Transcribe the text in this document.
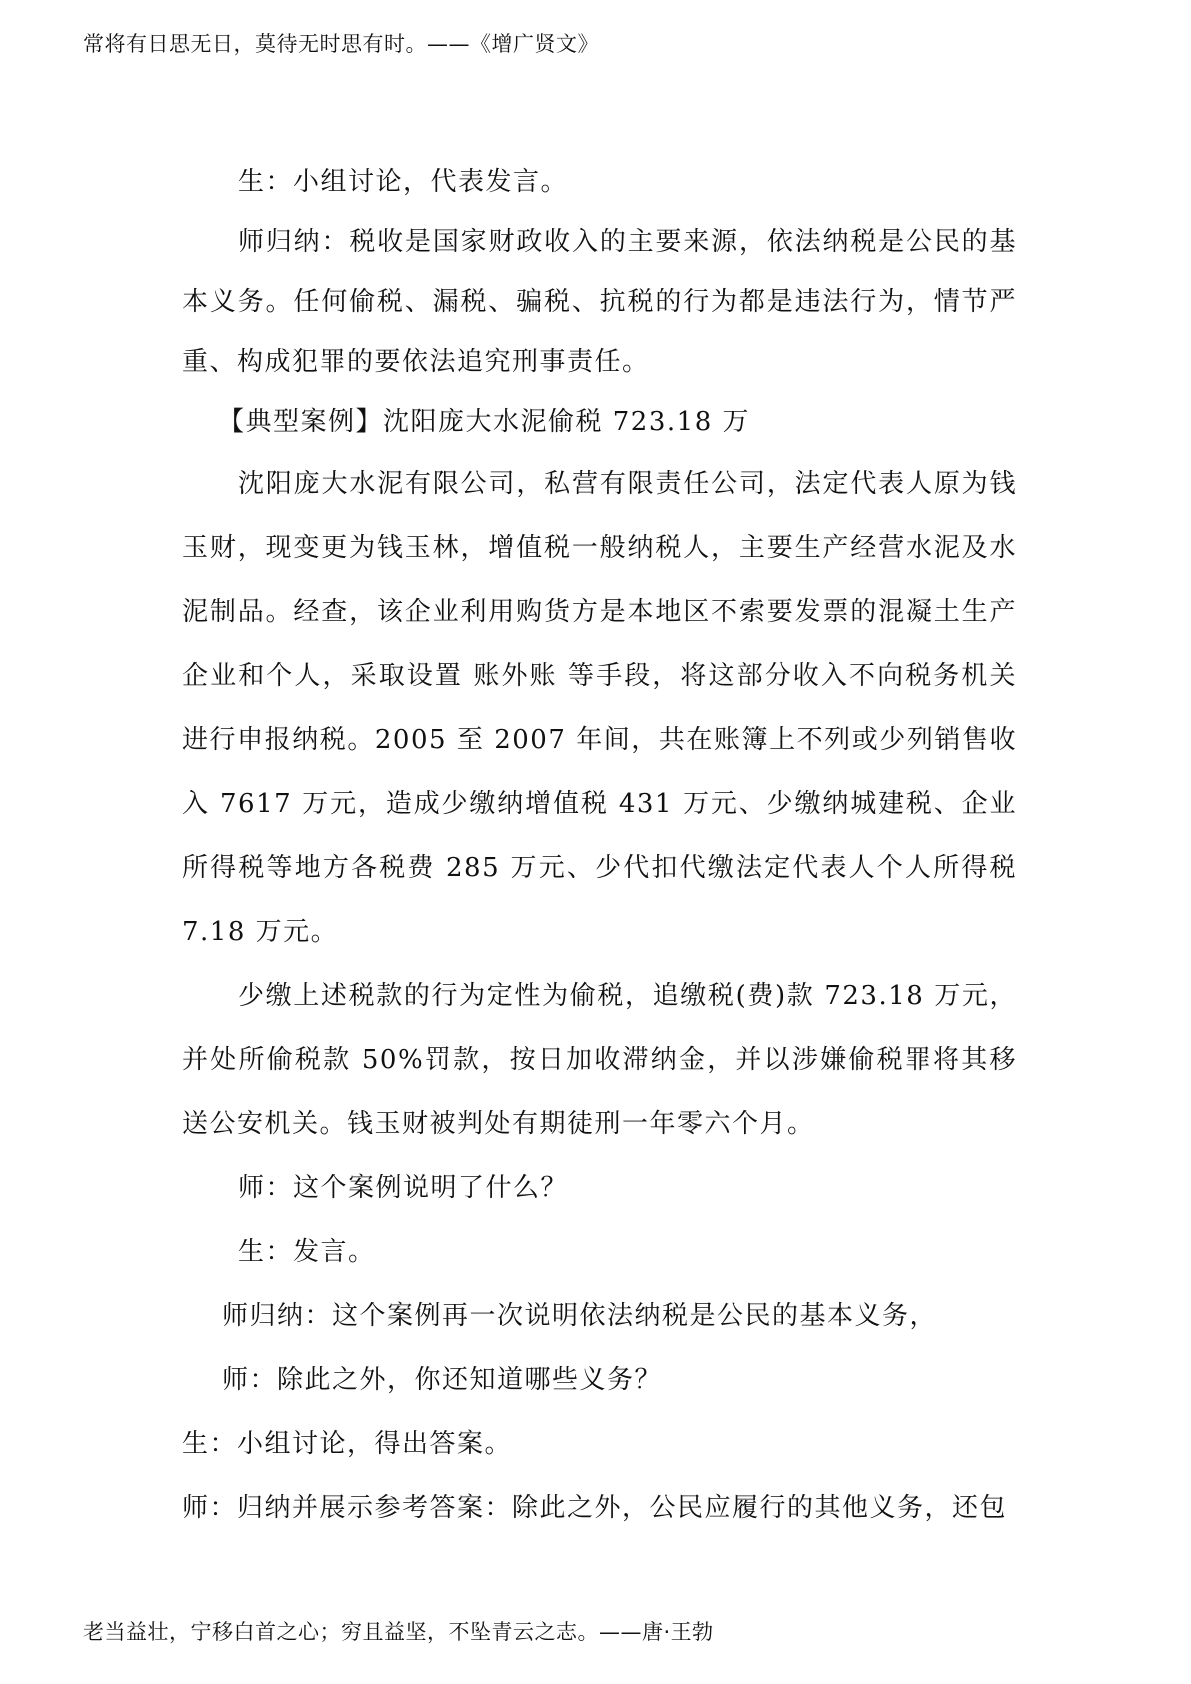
常将有日思无日，莫待无时思有时。——《增广贤文》

生：小组讨论，代表发言。

师归纳：税收是国家财政收入的主要来源，依法纳税是公民的基本义务。任何偷税、漏税、骗税、抗税的行为都是违法行为，情节严重、构成犯罪的要依法追究刑事责任。

【典型案例】沈阳庞大水泥偷税 723.18 万

沈阳庞大水泥有限公司，私营有限责任公司，法定代表人原为钱玉财，现变更为钱玉林，增值税一般纳税人，主要生产经营水泥及水泥制品。经查，该企业利用购货方是本地区不索要发票的混凝土生产企业和个人，采取设置 账外账 等手段，将这部分收入不向税务机关进行申报纳税。2005 至 2007 年间，共在账簿上不列或少列销售收入 7617 万元，造成少缴纳增值税 431 万元、少缴纳城建税、企业所得税等地方各税费 285 万元、少代扣代缴法定代表人个人所得税 7.18 万元。

少缴上述税款的行为定性为偷税，追缴税(费)款 723.18 万元，并处所偷税款 50%罚款，按日加收滞纳金，并以涉嫌偷税罪将其移送公安机关。钱玉财被判处有期徒刑一年零六个月。

师：这个案例说明了什么？

生：发言。

师归纳：这个案例再一次说明依法纳税是公民的基本义务，

师：除此之外，你还知道哪些义务？

生：小组讨论，得出答案。

师：归纳并展示参考答案：除此之外，公民应履行的其他义务，还包

老当益壮，宁移白首之心；穷且益坚，不坠青云之志。——唐·王勃
